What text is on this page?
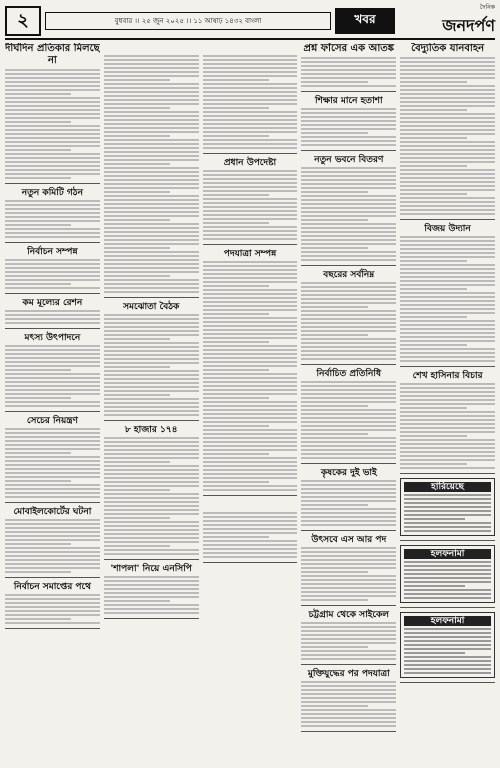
২	বুধবার ।। ২৫ জুন ২০২৫ ।। ১১ আষাঢ় ১৪৩২ বাংলা	খবর
দৈনিক
জনদর্পণ
দীর্ঘদিন প্রতিকার মিলছে না
নতুন কমিটি গঠন
নির্বাচন সম্পন্ন
কম মূল্যের রেশন
মৎস্য উৎপাদনে
সেচের নিয়ন্ত্রণ
মোবাইলকোর্টের ঘটনা
নির্বাচন সমাপ্তের পথে
সমঝোতা বৈঠক
৮ হাজার ১৭৪
'শাপলা' নিয়ে এনসিপি
প্রধান উপদেষ্টা
পদযাত্রা সম্পন্ন
প্রশ্ন ফাঁসের এক আতঙ্ক
শিক্ষার মানে হতাশা
নতুন ভবনে বিতরণ
বছরের সর্বনিম্ন
নির্বাচিত প্রতিনিধি
কৃষকের দুই ভাই
উৎসবে এস আর পদ
চট্টগ্রাম থেকে সাইকেল
মুক্তিযুদ্ধের পর পদযাত্রা
বৈদ্যুতিক যানবাহন
বিজয় উদ্যান
শেখ হাসিনার বিচার
হারিয়েছে
হলফনামা
হলফনামা
